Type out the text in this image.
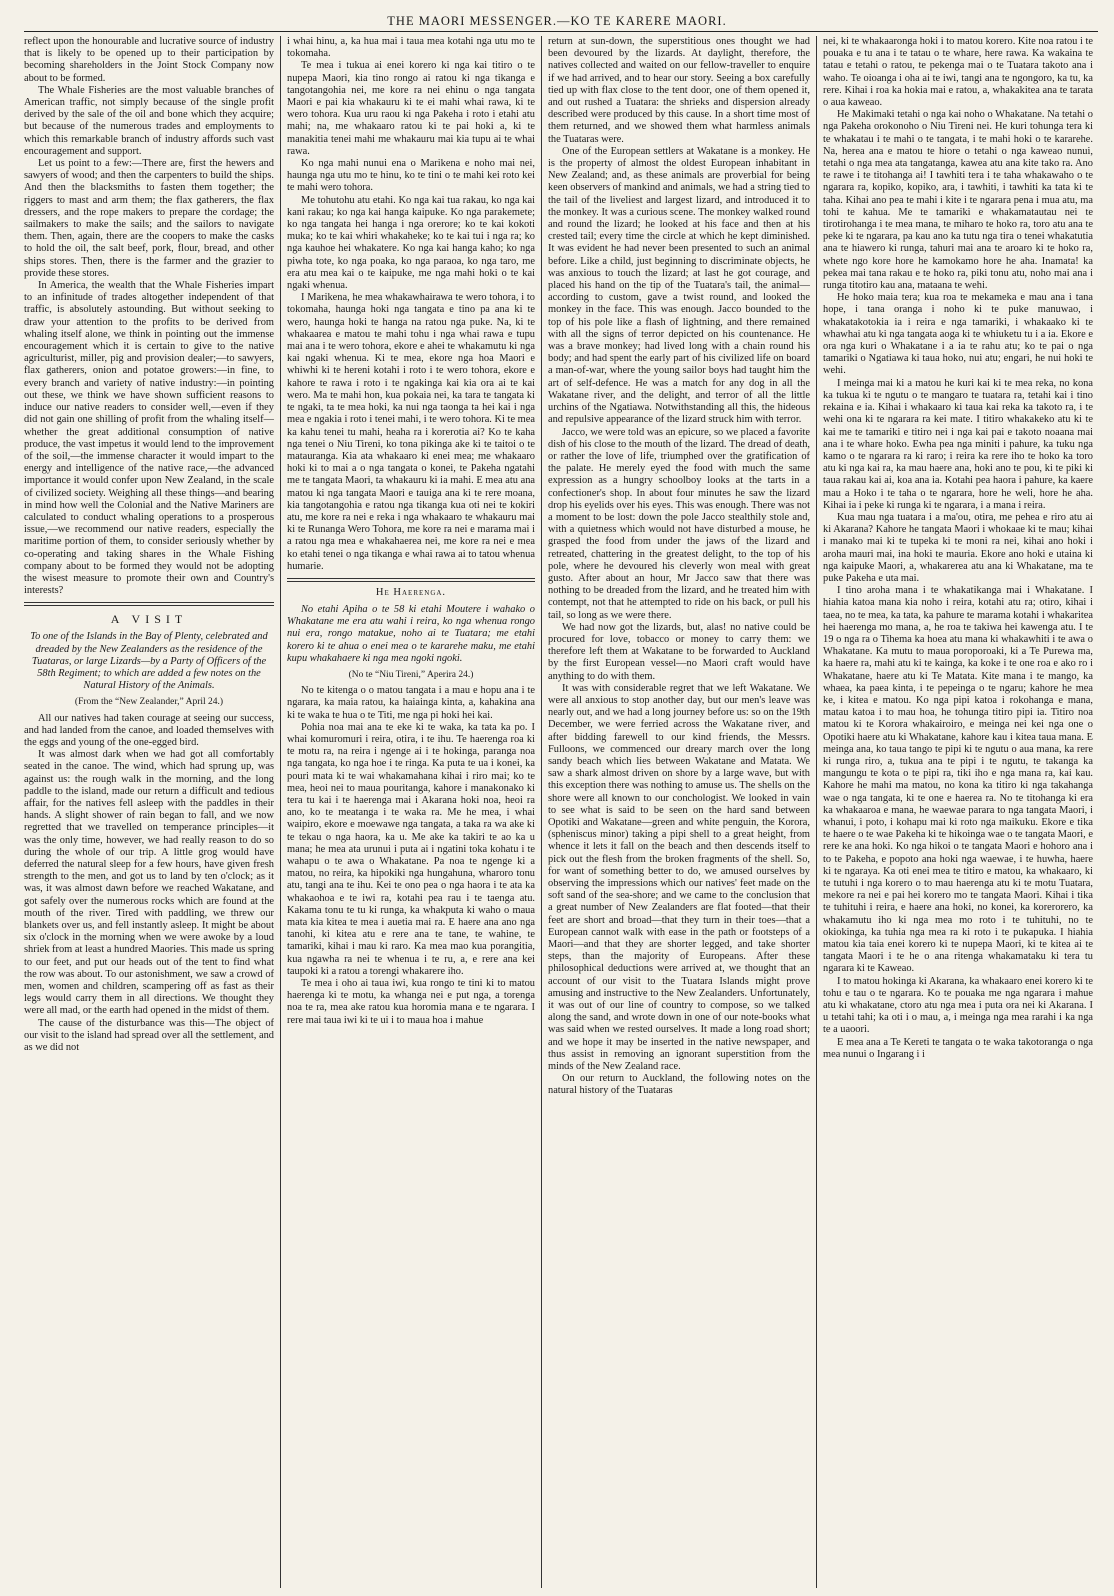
THE MAORI MESSENGER.—KO TE KARERE MAORI.

reflect upon the honourable and lucrative source of industry that is likely to be opened up to their participation by becoming shareholders in the Joint Stock Company now about to be formed.

The Whale Fisheries are the most valuable branches of American traffic, not simply because of the single profit derived by the sale of the oil and bone which they acquire; but because of the numerous trades and employments to which this remarkable branch of industry affords such vast encouragement and support.

Let us point to a few:—There are, first the hewers and sawyers of wood; and then the carpenters to build the ships. And then the blacksmiths to fasten them together; the riggers to mast and arm them; the flax gatherers, the flax dressers, and the rope makers to prepare the cordage; the sailmakers to make the sails; and the sailors to navigate them. Then, again, there are the coopers to make the casks to hold the oil, the salt beef, pork, flour, bread, and other ships stores. Then, there is the farmer and the grazier to provide these stores.

In America, the wealth that the Whale Fisheries impart to an infinitude of trades altogether independent of that traffic, is absolutely astounding. But without seeking to draw your attention to the profits to be derived from whaling itself alone, we think in pointing out the immense encouragement which it is certain to give to the native agriculturist, miller, pig and provision dealer;—to sawyers, flax gatherers, onion and potatoe growers:—in fine, to every branch and variety of native industry:—in pointing out these, we think we have shown sufficient reasons to induce our native readers to consider well,—even if they did not gain one shilling of profit from the whaling itself—whether the great additional consumption of native produce, the vast impetus it would lend to the improvement of the soil,—the immense character it would impart to the energy and intelligence of the native race,—the advanced importance it would confer upon New Zealand, in the scale of civilized society. Weighing all these things—and bearing in mind how well the Colonial and the Native Mariners are calculated to conduct whaling operations to a prosperous issue,—we recommend our native readers, especially the maritime portion of them, to consider seriously whether by co-operating and taking shares in the Whale Fishing company about to be formed they would not be adopting the wisest measure to promote their own and Country's interests?

A VISIT

To one of the Islands in the Bay of Plenty, celebrated and dreaded by the New Zealanders as the residence of the Tuataras, or large Lizards—by a Party of Officers of the 58th Regiment; to which are added a few notes on the Natural History of the Animals.

(From the “New Zealander,” April 24.)

All our natives had taken courage at seeing our success, and had landed from the canoe, and loaded themselves with the eggs and young of the one-egged bird.

It was almost dark when we had got all comfortably seated in the canoe. The wind, which had sprung up, was against us: the rough walk in the morning, and the long paddle to the island, made our return a difficult and tedious affair, for the natives fell asleep with the paddles in their hands. A slight shower of rain began to fall, and we now regretted that we travelled on temperance principles—it was the only time, however, we had really reason to do so during the whole of our trip. A little grog would have deferred the natural sleep for a few hours, have given fresh strength to the men, and got us to land by ten o'clock; as it was, it was almost dawn before we reached Wakatane, and got safely over the numerous rocks which are found at the mouth of the river. Tired with paddling, we threw our blankets over us, and fell instantly asleep. It might be about six o'clock in the morning when we were awoke by a loud shriek from at least a hundred Maories. This made us spring to our feet, and put our heads out of the tent to find what the row was about. To our astonishment, we saw a crowd of men, women and children, scampering off as fast as their legs would carry them in all directions. We thought they were all mad, or the earth had opened in the midst of them.

The cause of the disturbance was this—The object of our visit to the island had spread over all the settlement, and as we did not

i whai hinu, a, ka hua mai i taua mea kotahi nga utu mo te tokomaha.

Te mea i tukua ai enei korero ki nga kai titiro o te nupepa Maori, kia tino rongo ai ratou ki nga tikanga e tangotangohia nei, me kore ra nei ehinu o nga tangata Maori e pai kia whakauru ki te ei mahi whai rawa, ki te wero tohora. Kua uru raou ki nga Pakeha i roto i etahi atu mahi; na, me whakaaro ratou ki te pai hoki a, ki te manakitia tenei mahi me whakauru mai kia tupu ai te whai rawa.

Ko nga mahi nunui ena o Marikena e noho mai nei, haunga nga utu mo te hinu, ko te tini o te mahi kei roto kei te mahi wero tohora.

Me tohutohu atu etahi. Ko nga kai tua rakau, ko nga kai kani rakau; ko nga kai hanga kaipuke. Ko nga parakemete; ko nga tangata hei hanga i nga orerore; ko te kai kokoti muka; ko te kai whiri whakaheke; ko te kai tui i nga ra; ko nga kauhoe hei whakatere. Ko nga kai hanga kaho; ko nga piwha tote, ko nga poaka, ko nga paraoa, ko nga taro, me era atu mea kai o te kaipuke, me nga mahi hoki o te kai ngaki whenua.

I Marikena, he mea whakawhairawa te wero tohora, i to tokomaha, haunga hoki nga tangata e tino pa ana ki te wero, haunga hoki te hanga na ratou nga puke. Na, ki te whakaarea e matou te mahi tohu i nga whai rawa e tupu mai ana i te wero tohora, ekore e ahei te whakamutu ki nga kai ngaki whenua. Ki te mea, ekore nga hoa Maori e whiwhi ki te hereni kotahi i roto i te wero tohora, ekore e kahore te rawa i roto i te ngakinga kai kia ora ai te kai wero. Ma te mahi hon, kua pokaia nei, ka tara te tangata ki te ngaki, ta te mea hoki, ka nui nga taonga ta hei kai i nga mea e ngakia i roto i tenei mahi, i te wero tohora. Ki te mea ka kahu tenei tu mahi, heaha ra i korerotia ai? Ko te kaha nga tenei o Niu Tireni, ko tona pikinga ake ki te taitoi o te matauranga. Kia ata whakaaro ki enei mea; me whakaaro hoki ki to mai a o nga tangata o konei, te Pakeha ngatahi me te tangata Maori, ta whakauru ki ia mahi. E mea atu ana matou ki nga tangata Maori e tauiga ana ki te rere moana, kia tangotangohia e ratou nga tikanga kua oti nei te kokiri atu, me kore ra nei e reka i nga whakaaro te whakauru mai ki te Runanga Wero Tohora, me kore ra nei e marama mai i a ratou nga mea e whakahaerea nei, me kore ra nei e mea ko etahi tenei o nga tikanga e whai rawa ai to tatou whenua humarie.

He Haerenga.

No etahi Apiha o te 58 ki etahi Moutere i wahako o Whakatane me era atu wahi i reira, ko nga whenua rongo nui era, rongo matakue, noho ai te Tuatara; me etahi korero ki te ahua o enei mea o te kararehe maku, me etahi kupu whakahaere ki nga mea ngoki ngoki.

(No te “Niu Tireni,” Aperira 24.)

No te kitenga o o matou tangata i a mau e hopu ana i te ngarara, ka maia ratou, ka haiainga kinta, a, kahakina ana ki te waka te hua o te Titi, me nga pi hoki hei kai.

Pohia noa mai ana te eke ki te waka, ka tata ka po. I whai komuromuri i reira, otira, i te ihu. Te haerenga roa ki te motu ra, na reira i ngenge ai i te hokinga, paranga noa nga tangata, ko nga hoe i te ringa. Ka puta te ua i konei, ka pouri mata ki te wai whakamahana kihai i riro mai; ko te mea, heoi nei to maua pouritanga, kahore i manakonako ki tera tu kai i te haerenga mai i Akarana hoki noa, heoi ra ano, ko te meatanga i te waka ra. Me he mea, i whai waipiro, ekore e moewawe nga tangata, a taka ra wa ake ki te tekau o nga haora, ka u. Me ake ka takiri te ao ka u mana; he mea ata urunui i puta ai i ngatini toka kohatu i te wahapu o te awa o Whakatane. Pa noa te ngenge ki a matou, no reira, ka hipokiki nga hungahuna, wharoro tonu atu, tangi ana te ihu. Kei te ono pea o nga haora i te ata ka whakaohoa e te iwi ra, kotahi pea rau i te taenga atu. Kakama tonu te tu ki runga, ka whakputa ki waho o maua mata kia kitea te mea i auetia mai ra. E haere ana ano nga tanohi, ki kitea atu e rere ana te tane, te wahine, te tamariki, kihai i mau ki raro. Ka mea mao kua porangitia, kua ngawha ra nei te whenua i te ru, a, e rere ana kei taupoki ki a ratou a torengi whakarere iho.

Te mea i oho ai taua iwi, kua rongo te tini ki to matou haerenga ki te motu, ka whanga nei e put nga, a torenga noa te ra, mea ake ratou kua horomia mana e te ngarara. I rere mai taua iwi ki te ui i to maua hoa i mahue

return at sun-down, the superstitious ones thought we had been devoured by the lizards. At daylight, therefore, the natives collected and waited on our fellow-traveller to enquire if we had arrived, and to hear our story. Seeing a box carefully tied up with flax close to the tent door, one of them opened it, and out rushed a Tuatara: the shrieks and dispersion already described were produced by this cause. In a short time most of them returned, and we showed them what harmless animals the Tuataras were.

One of the European settlers at Wakatane is a monkey. He is the property of almost the oldest European inhabitant in New Zealand; and, as these animals are proverbial for being keen observers of mankind and animals, we had a string tied to the tail of the liveliest and largest lizard, and introduced it to the monkey. It was a curious scene. The monkey walked round and round the lizard; he looked at his face and then at his crested tail; every time the circle at which he kept diminished. It was evident he had never been presented to such an animal before. Like a child, just beginning to discriminate objects, he was anxious to touch the lizard; at last he got courage, and placed his hand on the tip of the Tuatara's tail, the animal—according to custom, gave a twist round, and looked the monkey in the face. This was enough. Jacco bounded to the top of his pole like a flash of lightning, and there remained with all the signs of terror depicted on his countenance. He was a brave monkey; had lived long with a chain round his body; and had spent the early part of his civilized life on board a man-of-war, where the young sailor boys had taught him the art of self-defence. He was a match for any dog in all the Wakatane river, and the delight, and terror of all the little urchins of the Ngatiawa. Notwithstanding all this, the hideous and repulsive appearance of the lizard struck him with terror.

Jacco, we were told was an epicure, so we placed a favorite dish of his close to the mouth of the lizard. The dread of death, or rather the love of life, triumphed over the gratification of the palate. He merely eyed the food with much the same expression as a hungry schoolboy looks at the tarts in a confectioner's shop. In about four minutes he saw the lizard drop his eyelids over his eyes. This was enough. There was not a moment to be lost: down the pole Jacco stealthily stole and, with a quietness which would not have disturbed a mouse, he grasped the food from under the jaws of the lizard and retreated, chattering in the greatest delight, to the top of his pole, where he devoured his cleverly won meal with great gusto. After about an hour, Mr Jacco saw that there was nothing to be dreaded from the lizard, and he treated him with contempt, not that he attempted to ride on his back, or pull his tail, so long as we were there.

We had now got the lizards, but, alas! no native could be procured for love, tobacco or money to carry them: we therefore left them at Wakatane to be forwarded to Auckland by the first European vessel—no Maori craft would have anything to do with them.

It was with considerable regret that we left Wakatane. We were all anxious to stop another day, but our men's leave was nearly out, and we had a long journey before us: so on the 19th December, we were ferried across the Wakatane river, and after bidding farewell to our kind friends, the Messrs. Fulloons, we commenced our dreary march over the long sandy beach which lies between Wakatane and Matata. We saw a shark almost driven on shore by a large wave, but with this exception there was nothing to amuse us. The shells on the shore were all known to our conchologist. We looked in vain to see what is said to be seen on the hard sand between Opotiki and Wakatane—green and white penguin, the Korora, (spheniscus minor) taking a pipi shell to a great height, from whence it lets it fall on the beach and then descends itself to pick out the flesh from the broken fragments of the shell. So, for want of something better to do, we amused ourselves by observing the impressions which our natives' feet made on the soft sand of the sea-shore; and we came to the conclusion that a great number of New Zealanders are flat footed—that their feet are short and broad—that they turn in their toes—that a European cannot walk with ease in the path or footsteps of a Maori—and that they are shorter legged, and take shorter steps, than the majority of Europeans. After these philosophical deductions were arrived at, we thought that an account of our visit to the Tuatara Islands might prove amusing and instructive to the New Zealanders. Unfortunately, it was out of our line of country to compose, so we talked along the sand, and wrote down in one of our note-books what was said when we rested ourselves. It made a long road short; and we hope it may be inserted in the native newspaper, and thus assist in removing an ignorant superstition from the minds of the New Zealand race.

On our return to Auckland, the following notes on the natural history of the Tuataras

nei, ki te whakaaronga hoki i to matou korero. Kite noa ratou i te pouaka e tu ana i te tatau o te whare, here rawa. Ka wakaina te tatau e tetahi o ratou, te pekenga mai o te Tuatara takoto ana i waho. Te oioanga i oha ai te iwi, tangi ana te ngongoro, ka tu, ka rere. Kihai i roa ka hokia mai e ratou, a, whakakitea ana te tarata o aua kaweao.

He Makimaki tetahi o nga kai noho o Whakatane. Na tetahi o nga Pakeha orokonoho o Niu Tireni nei. He kuri tohunga tera ki te whakatau i te mahi o te tangata, i te mahi hoki o te kararehe. Na, herea ana e matou te hiore o tetahi o nga kaweao nunui, tetahi o nga mea ata tangatanga, kawea atu ana kite tako ra. Ano te rawe i te titohanga ai! I tawhiti tera i te taha whakawaho o te ngarara ra, kopiko, kopiko, ara, i tawhiti, i tawhiti ka tata ki te taha. Kihai ano pea te mahi i kite i te ngarara pena i mua atu, ma tohi te kahua. Me te tamariki e whakamatautau nei te tirotirohanga i te mea mana, te miharo te hoko ra, toro atu ana te peke ki te ngarara, pa kau ano ka tutu nga tira o tenei whakatutia ana te hiawero ki runga, tahuri mai ana te aroaro ki te hoko ra, whete ngo kore hore he kamokamo hore he aha. Inamata! ka pekea mai tana rakau e te hoko ra, piki tonu atu, noho mai ana i runga titotiro kau ana, mataana te wehi.

He hoko maia tera; kua roa te mekameka e mau ana i tana hope, i tana oranga i noho ki te puke manuwao, i whakatakotokia ia i reira e nga tamariki, i whakaako ki te whawhai atu ki nga tangata aoga ki te whiuketu tu i a ia. Ekore e ora nga kuri o Whakatane i a ia te rahu atu; ko te pai o nga tamariki o Ngatiawa ki taua hoko, nui atu; engari, he nui hoki te wehi.

I meinga mai ki a matou he kuri kai ki te mea reka, no kona ka tukua ki te ngutu o te mangaro te tuatara ra, tetahi kai i tino rekaina e ia. Kihai i whakaaro ki taua kai reka ka takoto ra, i te wehi ona ki te ngarara ra kei mate. I titiro whakakeko atu ki te kai me te tamariki e titiro nei i nga kai pai e takoto noaana mai ana i te whare hoko. Ewha pea nga miniti i pahure, ka tuku nga kamo o te ngarara ra ki raro; i reira ka rere iho te hoko ka toro atu ki nga kai ra, ka mau haere ana, hoki ano te pou, ki te piki ki taua rakau kai ai, koa ana ia. Kotahi pea haora i pahure, ka kaere mau a Hoko i te taha o te ngarara, hore he weli, hore he aha. Kihai ia i peke ki runga ki te ngarara, i a mana i reira.

Kua mau nga tuatara i a ma'ou, otira, me pehea e riro atu ai ki Akarana? Kahore he tangata Maori i whokaae ki te mau; kihai i manako mai ki te tupeka ki te moni ra nei, kihai ano hoki i aroha mauri mai, ina hoki te mauria. Ekore ano hoki e utaina ki nga kaipuke Maori, a, whakarerea atu ana ki Whakatane, ma te puke Pakeha e uta mai.

I tino aroha mana i te whakatikanga mai i Whakatane. I hiahia katoa mana kia noho i reira, kotahi atu ra; otiro, kihai i taea, no te mea, ka tata, ka pahure te marama kotahi i whakaritea hei haerenga mo mana, a, he roa te takiwa hei kawenga atu. I te 19 o nga ra o Tihema ka hoea atu mana ki whakawhiti i te awa o Whakatane. Ka mutu to maua poroporoaki, ki a Te Purewa ma, ka haere ra, mahi atu ki te kainga, ka koke i te one roa e ako ro i Whakatane, haere atu ki Te Matata. Kite mana i te mango, ka whaea, ka paea kinta, i te pepeinga o te ngaru; kahore he mea ke, i kitea e matou. Ko nga pipi katoa i rokohanga e mana, matau katoa i to mau hoa, he tohunga titiro pipi ia. Titiro noa matou ki te Korora whakairoiro, e meinga nei kei nga one o Opotiki haere atu ki Whakatane, kahore kau i kitea taua mana. E meinga ana, ko taua tango te pipi ki te ngutu o aua mana, ka rere ki runga riro, a, tukua ana te pipi i te ngutu, te takanga ka mangungu te kota o te pipi ra, tiki iho e nga mana ra, kai kau. Kahore he mahi ma matou, no kona ka titiro ki nga takahanga wae o nga tangata, ki te one e haerea ra. No te titohanga ki era ka whakaaroa e mana, he waewae parara to nga tangata Maori, i whanui, i poto, i kohapu mai ki roto nga maikuku. Ekore e tika te haere o te wae Pakeha ki te hikoinga wae o te tangata Maori, e rere ke ana hoki. Ko nga hikoi o te tangata Maori e hohoro ana i to te Pakeha, e popoto ana hoki nga waewae, i te huwha, haere ki te ngaraya. Ka oti enei mea te titiro e matou, ka whakaaro, ki te tutuhi i nga korero o to mau haerenga atu ki te motu Tuatara, mekore ra nei e pai hei korero mo te tangata Maori. Kihai i tika te tuhituhi i reira, e haere ana hoki, no konei, ka korerorero, ka whakamutu iho ki nga mea mo roto i te tuhituhi, no te okiokinga, ka tuhia nga mea ra ki roto i te pukapuka. I hiahia matou kia taia enei korero ki te nupepa Maori, ki te kitea ai te tangata Maori i te he o ana ritenga whakamataku ki tera tu ngarara ki te Kaweao.

I to matou hokinga ki Akarana, ka whakaaro enei korero ki te tohu e tau o te ngarara. Ko te pouaka me nga ngarara i mahue atu ki whakatane, ctoro atu nga mea i puta ora nei ki Akarana. I u tetahi tahi; ka oti i o mau, a, i meinga nga mea rarahi i ka nga te a uaoori.

E mea ana a Te Kereti te tangata o te waka takotoranga o nga mea nunui o Ingarang i i
